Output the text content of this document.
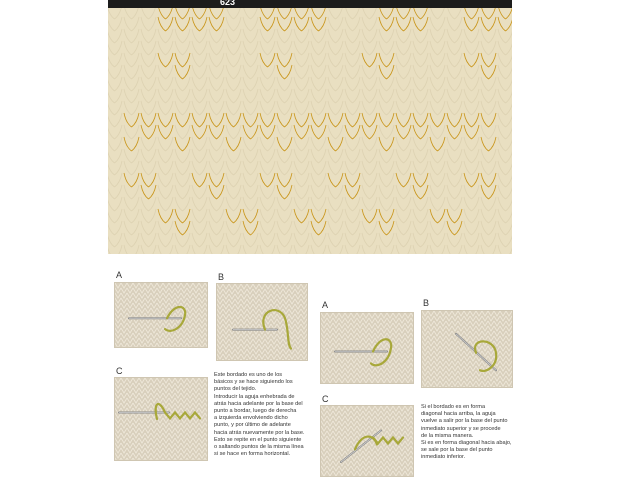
623
A	B
C	Este bordado es uno de los
básicos y se hace siguiendo los
puntos del tejido.
Introducir la aguja enhebrada de
atrás hacia adelante por la base del
punto a bordar, luego de derecha
a izquierda envolviendo dicho
punto, y por último de adelante
hacia atrás nuevamente por la base.
Esto se repite en el punto siguiente
o saltando puntos de la misma línea
si se hace en forma horizontal.
A	B
C
Si el bordado es en forma
diagonal hacia arriba, la aguja
vuelve a salir por la base del punto
inmediato superior y se procede
de la misma manera.
Si es en forma diagonal hacia abajo,
se sale por la base del punto
inmediato inferior.
